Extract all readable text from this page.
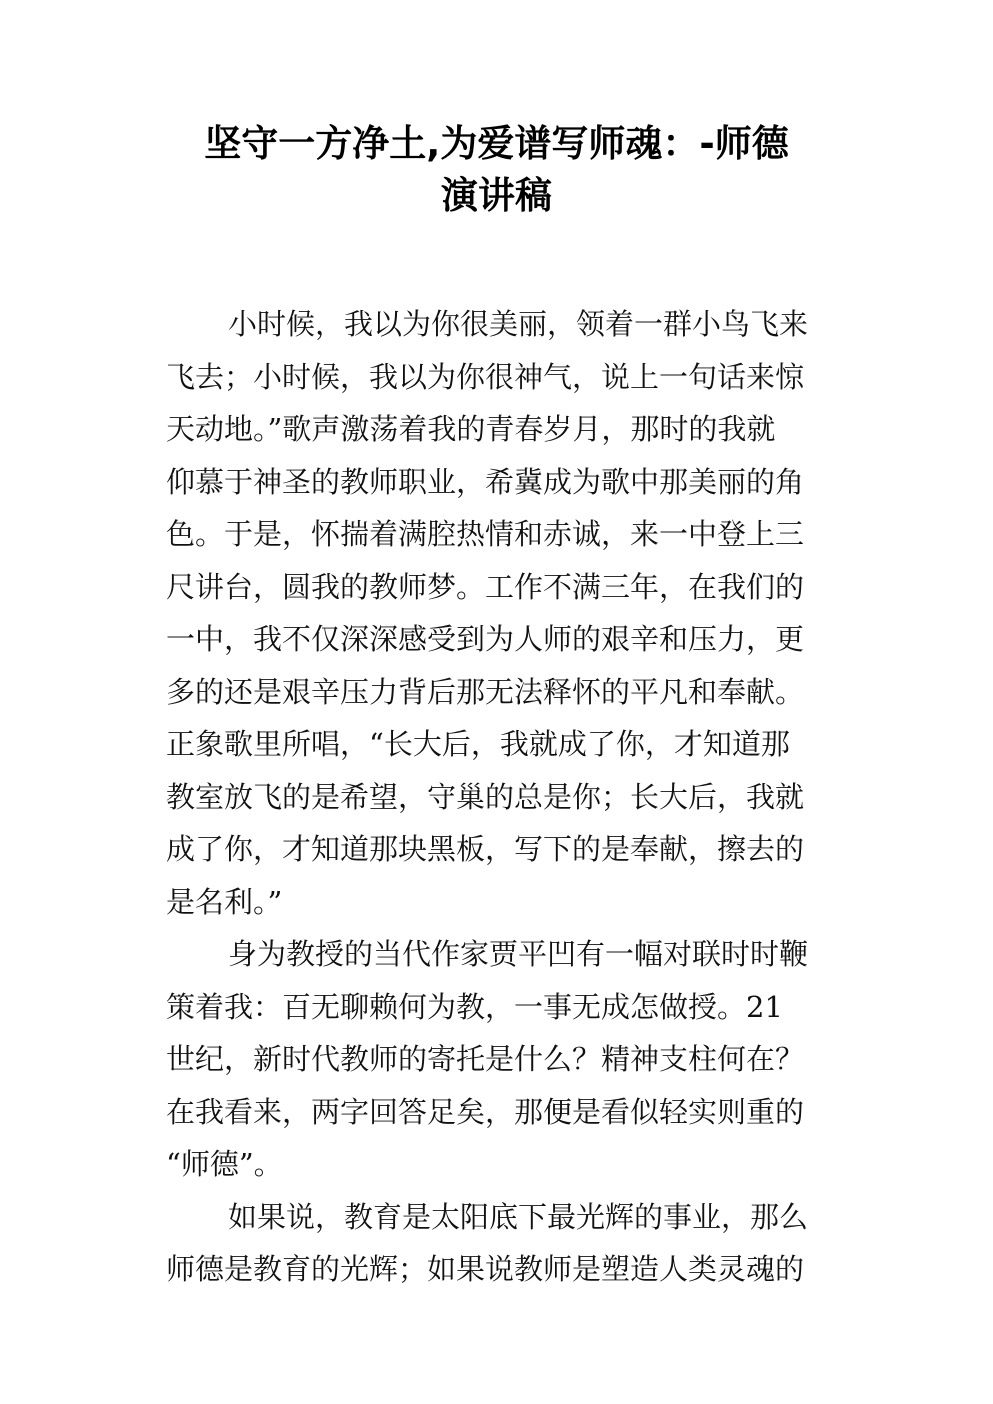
坚守一方净土,为爱谱写师魂：-师德
演讲稿
小时候，我以为你很美丽，领着一群小鸟飞来
飞去；小时候，我以为你很神气，说上一句话来惊
天动地。”歌声激荡着我的青春岁月，那时的我就
仰慕于神圣的教师职业，希冀成为歌中那美丽的角
色。于是，怀揣着满腔热情和赤诚，来一中登上三
尺讲台，圆我的教师梦。工作不满三年，在我们的
一中，我不仅深深感受到为人师的艰辛和压力，更
多的还是艰辛压力背后那无法释怀的平凡和奉献。
正象歌里所唱，“长大后，我就成了你，才知道那
教室放飞的是希望，守巢的总是你；长大后，我就
成了你，才知道那块黑板，写下的是奉献，擦去的
是名利。”
身为教授的当代作家贾平凹有一幅对联时时鞭
策着我：百无聊赖何为教，一事无成怎做授。21
世纪，新时代教师的寄托是什么？精神支柱何在？
在我看来，两字回答足矣，那便是看似轻实则重的
“师德”。
如果说，教育是太阳底下最光辉的事业，那么
师德是教育的光辉；如果说教师是塑造人类灵魂的
